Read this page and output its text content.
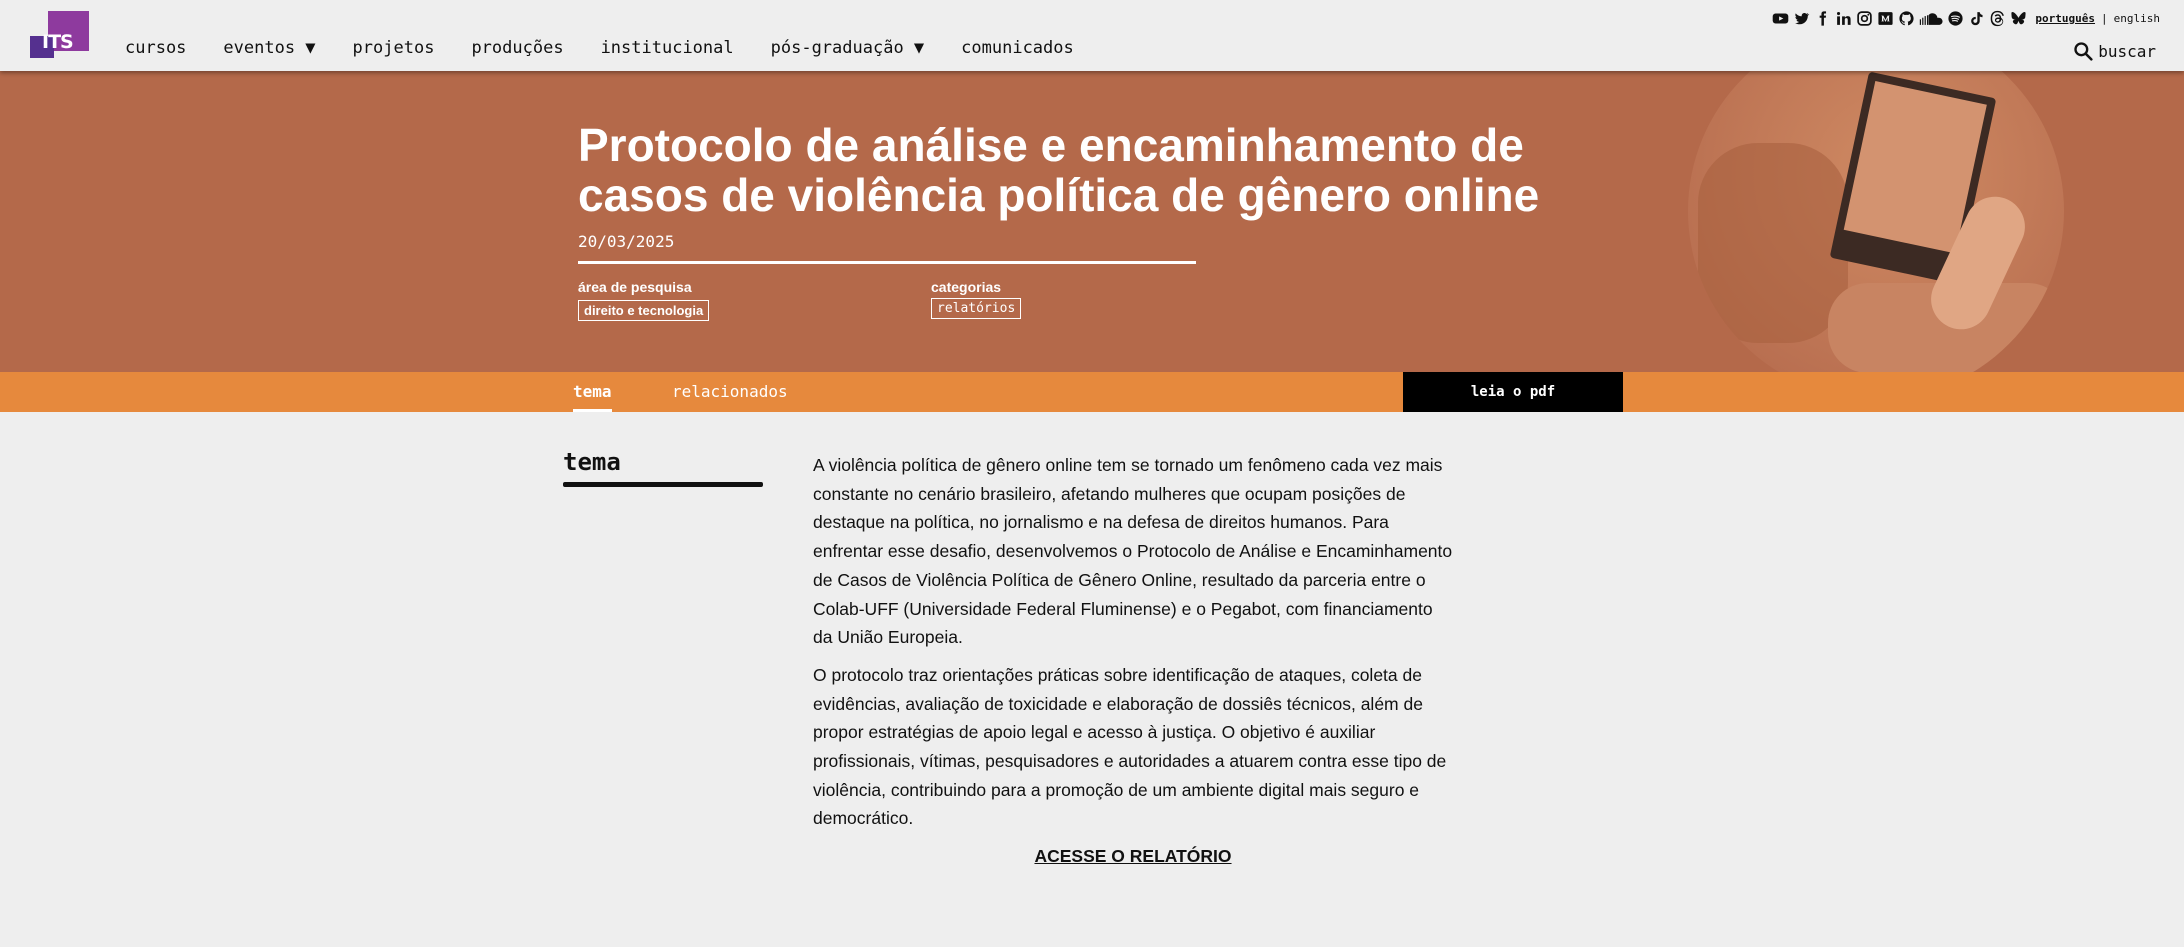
ITS	cursos eventos ▼ projetos produções institucional pós-graduação ▼ comunicados
português | english
buscar
Protocolo de análise e encaminhamento de casos de violência política de gênero online
20/03/2025
área de pesquisa
direito e tecnologia
categorias
relatórios
tema	relacionados	leia o pdf
tema	A violência política de gênero online tem se tornado um fenômeno cada vez mais constante no cenário brasileiro, afetando mulheres que ocupam posições de destaque na política, no jornalismo e na defesa de direitos humanos. Para enfrentar esse desafio, desenvolvemos o Protocolo de Análise e Encaminhamento de Casos de Violência Política de Gênero Online, resultado da parceria entre o Colab-UFF (Universidade Federal Fluminense) e o Pegabot, com financiamento da União Europeia.

O protocolo traz orientações práticas sobre identificação de ataques, coleta de evidências, avaliação de toxicidade e elaboração de dossiês técnicos, além de propor estratégias de apoio legal e acesso à justiça. O objetivo é auxiliar profissionais, vítimas, pesquisadores e autoridades a atuarem contra esse tipo de violência, contribuindo para a promoção de um ambiente digital mais seguro e democrático.

ACESSE O RELATÓRIO
